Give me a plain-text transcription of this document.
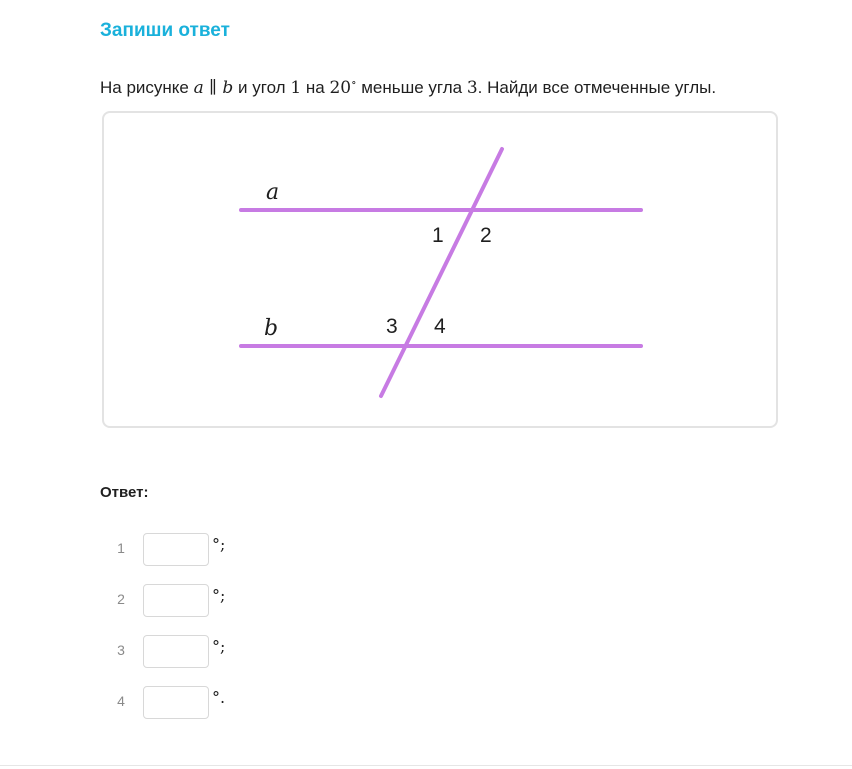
Запиши ответ
На рисунке a ∥ b и угол 1 на 20∘ меньше угла 3. Найди все отмеченные углы.
a
b
1 2
3 4
Ответ:
1	°;
2	°;
3	°;
4	°.
